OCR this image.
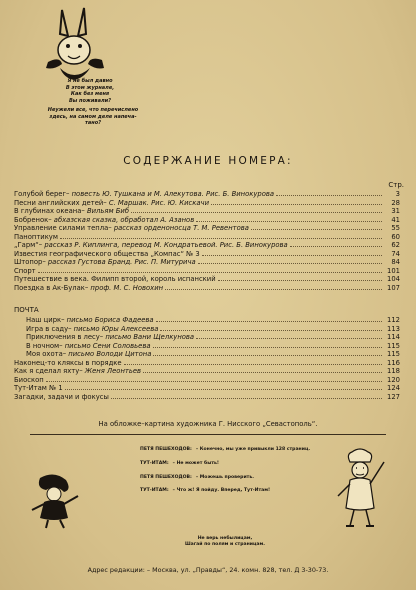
Я не был давно
В этом журнале,
Как без меня
Вы поживали?
Неужели все, что перечислено
здесь, на самом деле напеча-
тано?
СОДЕРЖАНИЕ НОМЕРА:
Стр.
Голубой берег – повесть Ю. Тушкана и М. Алекутова. Рис. Б. Винокурова	3
Песни английских детей – С. Маршак. Рис. Ю. Кискачи	28
В глубинах океана – Вильям Биб	31
Бобренок – абхазская сказка, обработал А. Азанов	41
Управление силами тепла – рассказ орденоносца Т. М. Ревентова	55
Паноптикум	60
„Гарм“ – рассказ Р. Киплинга, перевод М. Кондратьевой. Рис. Б. Винокурова	62
Известия географического общества „Компас“ № 3	74
Штопор – рассказ Густова Бранд. Рис. П. Митурича	84
Спорт	101
Путешествие в века. Филипп второй, король испанский	104
Поездка в Ак-Булак – проф. М. С. Новохин	107
ПОЧТА
Наш цирк – письмо Бориса Фадеева	112
Игра в саду – письмо Юры Алексеева	113
Приключения в лесу – письмо Вани Щелкунова	114
В ночном – письмо Сени Соловьева	115
Моя охота – письмо Володи Цитона	115
Наконец-то кляксы в порядке	116
Как я сделал яхту – Женя Леонтьев	118
Биоскоп	120
Тут-Итам № 1	124
Загадки, задачи и фокусы	127
На обложке–картина художника Г. Нисского „Севастополь“.
ПЕТЯ ПЕШЕХОДОВ: – Конечно, мы уже привыкли 128 страниц.
ТУТ-ИТАМ: – Не может быть!
ПЕТЯ ПЕШЕХОДОВ: – Можешь проверить.
ТУТ-ИТАМ: – Что ж! Я пойду. Вперед, Тут-Итам!
Не верь небылицам,
Шагай по полям и страницам.
Адрес редакции: – Москва, ул. „Правды“, 24. комн. 828, тел. Д 3-30-73.
